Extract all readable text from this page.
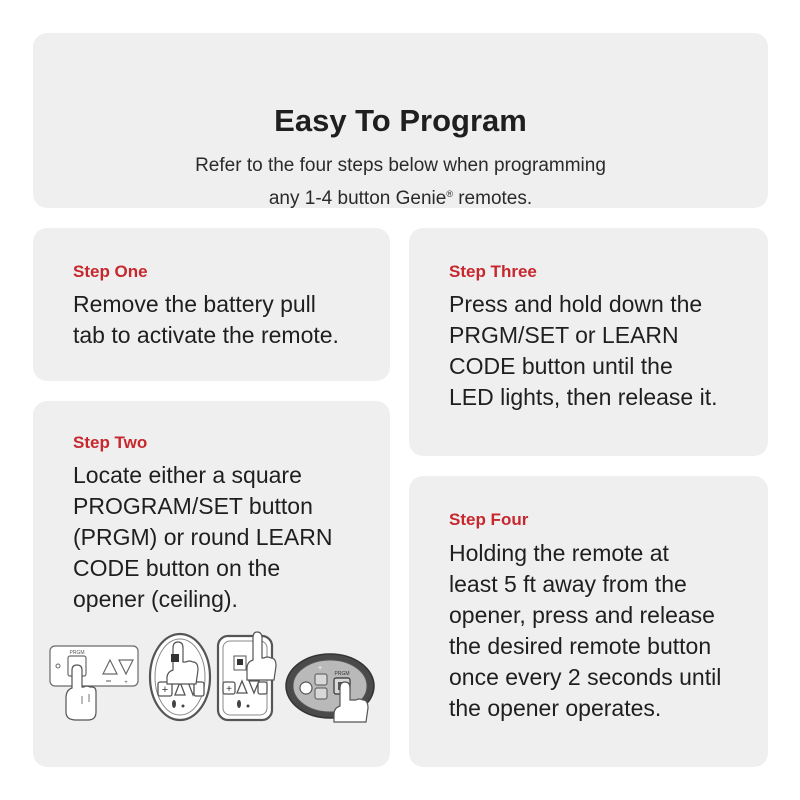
Easy To Program
Refer to the four steps below when programming
any 1-4 button Genie® remotes.
Step One
Remove the battery pull
tab to activate the remote.
Step Two
Locate either a square
PROGRAM/SET button
(PRGM) or round LEARN
CODE button on the
opener (ceiling).
Step Three
Press and hold down the
PRGM/SET or LEARN
CODE button until the
LED lights, then release it.
Step Four
Holding the remote at
least 5 ft away from the
opener, press and release
the desired remote button
once every 2 seconds until
the opener operates.
PRGM
+
+	+
PRGM
+
